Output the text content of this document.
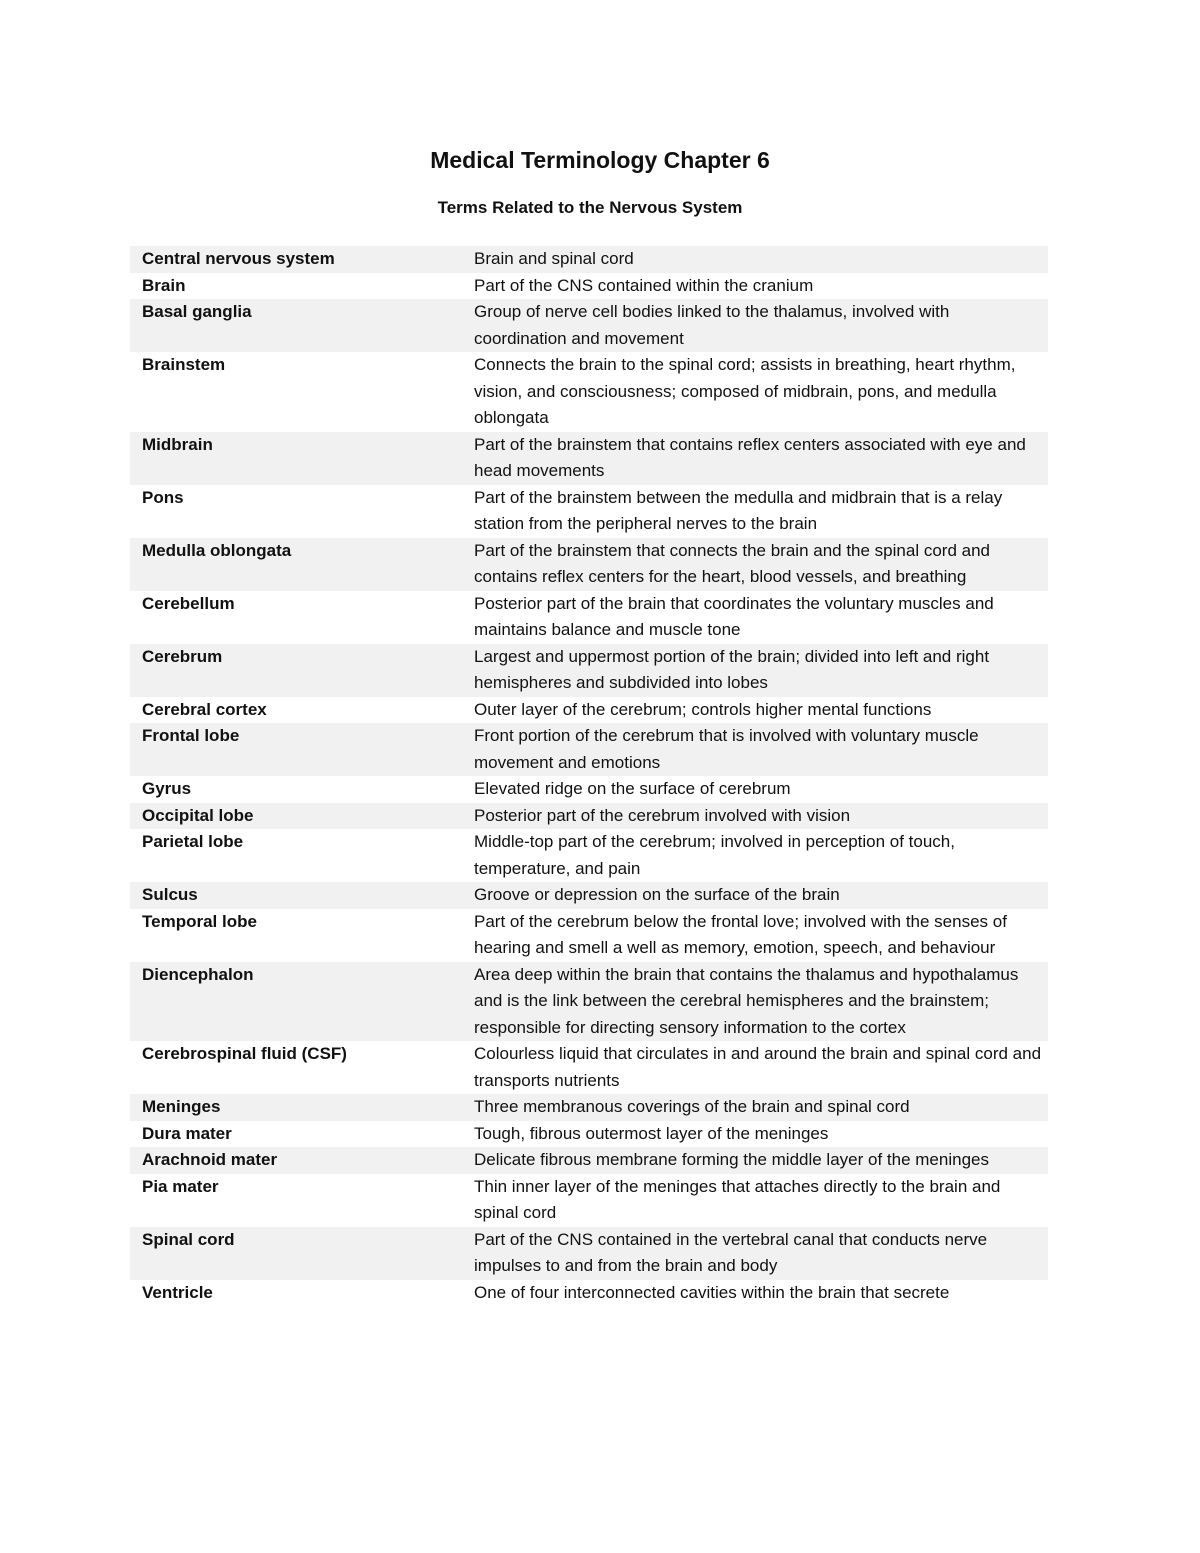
Medical Terminology Chapter 6
Terms Related to the Nervous System
Central nervous system	Brain and spinal cord
Brain	Part of the CNS contained within the cranium
Basal ganglia	Group of nerve cell bodies linked to the thalamus, involved with coordination and movement
Brainstem	Connects the brain to the spinal cord; assists in breathing, heart rhythm, vision, and consciousness; composed of midbrain, pons, and medulla oblongata
Midbrain	Part of the brainstem that contains reflex centers associated with eye and head movements
Pons	Part of the brainstem between the medulla and midbrain that is a relay station from the peripheral nerves to the brain
Medulla oblongata	Part of the brainstem that connects the brain and the spinal cord and contains reflex centers for the heart, blood vessels, and breathing
Cerebellum	Posterior part of the brain that coordinates the voluntary muscles and maintains balance and muscle tone
Cerebrum	Largest and uppermost portion of the brain; divided into left and right hemispheres and subdivided into lobes
Cerebral cortex	Outer layer of the cerebrum; controls higher mental functions
Frontal lobe	Front portion of the cerebrum that is involved with voluntary muscle movement and emotions
Gyrus	Elevated ridge on the surface of cerebrum
Occipital lobe	Posterior part of the cerebrum involved with vision
Parietal lobe	Middle-top part of the cerebrum; involved in perception of touch, temperature, and pain
Sulcus	Groove or depression on the surface of the brain
Temporal lobe	Part of the cerebrum below the frontal love; involved with the senses of hearing and smell a well as memory, emotion, speech, and behaviour
Diencephalon	Area deep within the brain that contains the thalamus and hypothalamus and is the link between the cerebral hemispheres and the brainstem; responsible for directing sensory information to the cortex
Cerebrospinal fluid (CSF)	Colourless liquid that circulates in and around the brain and spinal cord and transports nutrients
Meninges	Three membranous coverings of the brain and spinal cord
Dura mater	Tough, fibrous outermost layer of the meninges
Arachnoid mater	Delicate fibrous membrane forming the middle layer of the meninges
Pia mater	Thin inner layer of the meninges that attaches directly to the brain and spinal cord
Spinal cord	Part of the CNS contained in the vertebral canal that conducts nerve impulses to and from the brain and body
Ventricle	One of four interconnected cavities within the brain that secrete
